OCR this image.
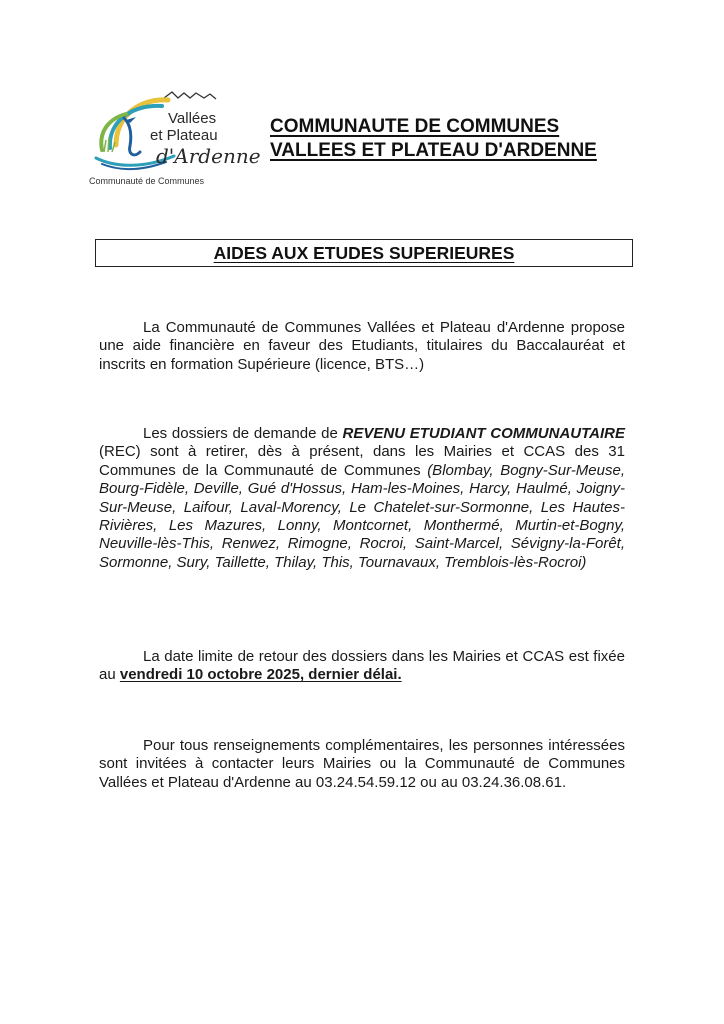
Vallées
et Plateau
d'Ardenne
Communauté de Communes
COMMUNAUTE DE COMMUNES
VALLEES ET PLATEAU D'ARDENNE
AIDES AUX ETUDES SUPERIEURES
La Communauté de Communes Vallées et Plateau d'Ardenne propose une aide financière en faveur des Etudiants, titulaires du Baccalauréat et inscrits en formation Supérieure (licence, BTS…)
Les dossiers de demande de REVENU ETUDIANT COMMUNAUTAIRE (REC) sont à retirer, dès à présent, dans les Mairies et CCAS des 31 Communes de la Communauté de Communes (Blombay, Bogny-Sur-Meuse, Bourg-Fidèle, Deville, Gué d'Hossus, Ham-les-Moines, Harcy, Haulmé, Joigny-Sur-Meuse, Laifour, Laval-Morency, Le Chatelet-sur-Sormonne, Les Hautes-Rivières, Les Mazures, Lonny, Montcornet, Monthermé, Murtin-et-Bogny, Neuville-lès-This, Renwez, Rimogne, Rocroi, Saint-Marcel, Sévigny-la-Forêt, Sormonne, Sury, Taillette, Thilay, This, Tournavaux, Tremblois-lès-Rocroi)
La date limite de retour des dossiers dans les Mairies et CCAS est fixée au vendredi 10 octobre 2025, dernier délai.
Pour tous renseignements complémentaires, les personnes intéressées sont invitées à contacter leurs Mairies ou la Communauté de Communes Vallées et Plateau d'Ardenne au 03.24.54.59.12 ou au 03.24.36.08.61.
